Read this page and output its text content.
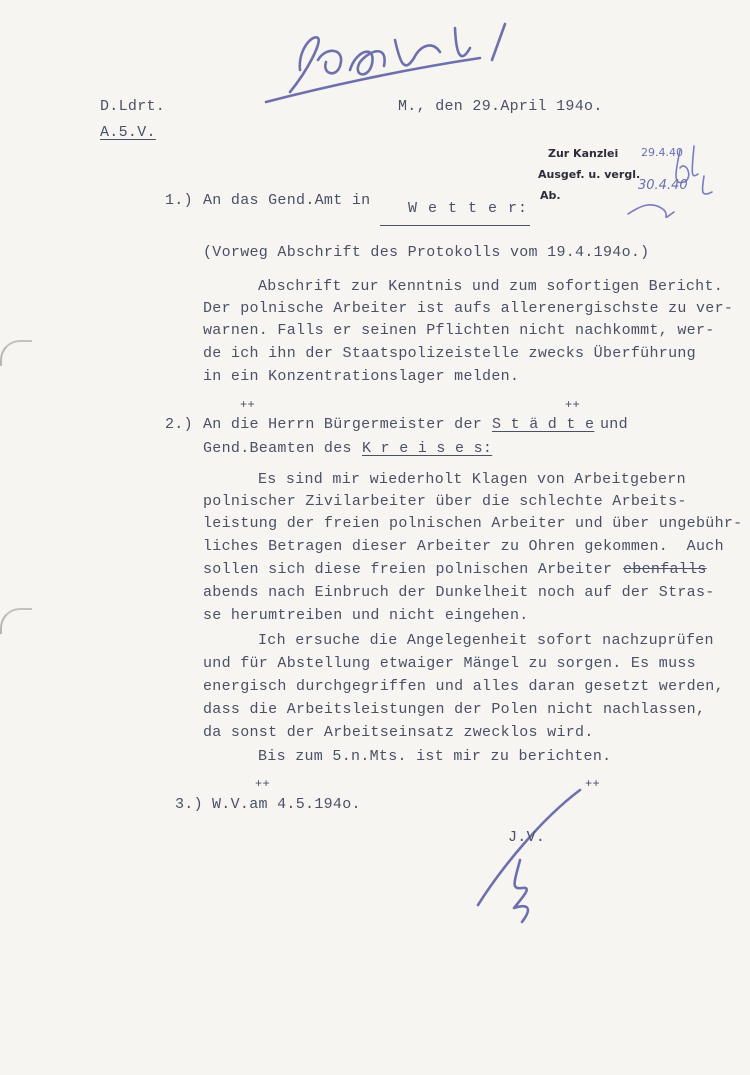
D.Ldrt.
A.5.V.
M., den 29.April 194o.
Zur Kanzlei 29.4.40
Ausgef. u. vergl.
30.4.40
Ab.
1.) An das Gend.Amt in	W e t t e r:
(Vorweg Abschrift des Protokolls vom 19.4.194o.)
Abschrift zur Kenntnis und zum sofortigen Bericht.
Der polnische Arbeiter ist aufs allerenergischste zu ver-
warnen. Falls er seinen Pflichten nicht nachkommt, wer-
de ich ihn der Staatspolizeistelle zwecks Überführung
in ein Konzentrationslager melden.
++	++
2.) An die Herrn Bürgermeister der S t ä d t e und
Gend.Beamten des K r e i s e s:
Es sind mir wiederholt Klagen von Arbeitgebern
polnischer Zivilarbeiter über die schlechte Arbeits-
leistung der freien polnischen Arbeiter und über ungebühr-
liches Betragen dieser Arbeiter zu Ohren gekommen.  Auch
sollen sich diese freien polnischen Arbeiter ebenfalls
abends nach Einbruch der Dunkelheit noch auf der Stras-
se herumtreiben und nicht eingehen.
Ich ersuche die Angelegenheit sofort nachzuprüfen
und für Abstellung etwaiger Mängel zu sorgen. Es muss
energisch durchgegriffen und alles daran gesetzt werden,
dass die Arbeitsleistungen der Polen nicht nachlassen,
da sonst der Arbeitseinsatz zwecklos wird.
Bis zum 5.n.Mts. ist mir zu berichten.
++	++
3.) W.V.am 4.5.194o.
J.V.
